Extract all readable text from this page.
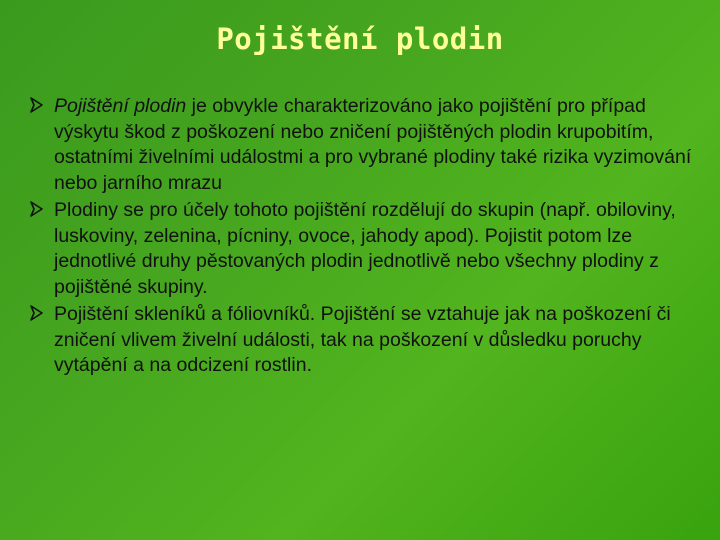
Pojištění plodin
Pojištění plodin je obvykle charakterizováno jako pojištění pro případ výskytu škod z poškození nebo zničení pojištěných plodin krupobitím, ostatními živelními událostmi a pro vybrané plodiny také rizika vyzimování nebo jarního mrazu
Plodiny se pro účely tohoto pojištění rozdělují do skupin (např. obiloviny, luskoviny, zelenina, pícniny, ovoce, jahody apod). Pojistit potom lze jednotlivé druhy pěstovaných plodin jednotlivě nebo všechny plodiny z pojištěné skupiny.
Pojištění skleníků a fóliovníků. Pojištění se vztahuje jak na poškození či zničení vlivem živelní události, tak na poškození v důsledku poruchy vytápění a na odcizení rostlin.
